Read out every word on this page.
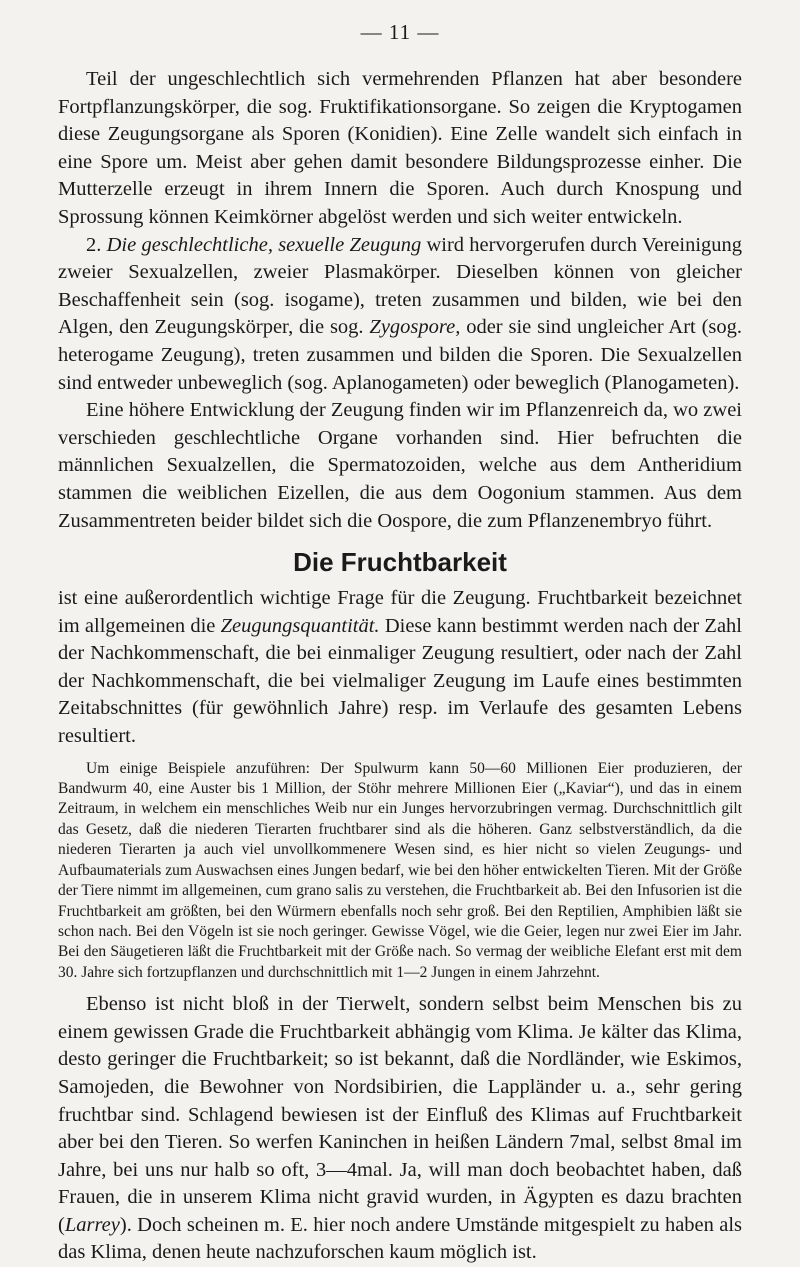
— 11 —

Teil der ungeschlechtlich sich vermehrenden Pflanzen hat aber besondere Fortpflanzungskörper, die sog. Fruktifikationsorgane. So zeigen die Kryptogamen diese Zeugungsorgane als Sporen (Konidien). Eine Zelle wandelt sich einfach in eine Spore um. Meist aber gehen damit besondere Bildungsprozesse einher. Die Mutterzelle erzeugt in ihrem Innern die Sporen. Auch durch Knospung und Sprossung können Keimkörner abgelöst werden und sich weiter entwickeln.

2. Die geschlechtliche, sexuelle Zeugung wird hervorgerufen durch Vereinigung zweier Sexualzellen, zweier Plasmakörper. Dieselben können von gleicher Beschaffenheit sein (sog. isogame), treten zusammen und bilden, wie bei den Algen, den Zeugungskörper, die sog. Zygospore, oder sie sind ungleicher Art (sog. heterogame Zeugung), treten zusammen und bilden die Sporen. Die Sexualzellen sind entweder unbeweglich (sog. Aplanogameten) oder beweglich (Planogameten).

Eine höhere Entwicklung der Zeugung finden wir im Pflanzenreich da, wo zwei verschieden geschlechtliche Organe vorhanden sind. Hier befruchten die männlichen Sexualzellen, die Spermatozoiden, welche aus dem Antheridium stammen die weiblichen Eizellen, die aus dem Oogonium stammen. Aus dem Zusammentreten beider bildet sich die Oospore, die zum Pflanzenembryo führt.

Die Fruchtbarkeit

ist eine außerordentlich wichtige Frage für die Zeugung. Fruchtbarkeit bezeichnet im allgemeinen die Zeugungsquantität. Diese kann bestimmt werden nach der Zahl der Nachkommenschaft, die bei einmaliger Zeugung resultiert, oder nach der Zahl der Nachkommenschaft, die bei vielmaliger Zeugung im Laufe eines bestimmten Zeitabschnittes (für gewöhnlich Jahre) resp. im Verlaufe des gesamten Lebens resultiert.

Um einige Beispiele anzuführen: Der Spulwurm kann 50—60 Millionen Eier produzieren, der Bandwurm 40, eine Auster bis 1 Million, der Stöhr mehrere Millionen Eier („Kaviar“), und das in einem Zeitraum, in welchem ein menschliches Weib nur ein Junges hervorzubringen vermag. Durchschnittlich gilt das Gesetz, daß die niederen Tierarten fruchtbarer sind als die höheren. Ganz selbstverständlich, da die niederen Tierarten ja auch viel unvollkommenere Wesen sind, es hier nicht so vielen Zeugungs- und Aufbaumaterials zum Auswachsen eines Jungen bedarf, wie bei den höher entwickelten Tieren. Mit der Größe der Tiere nimmt im allgemeinen, cum grano salis zu verstehen, die Fruchtbarkeit ab. Bei den Infusorien ist die Fruchtbarkeit am größten, bei den Würmern ebenfalls noch sehr groß. Bei den Reptilien, Amphibien läßt sie schon nach. Bei den Vögeln ist sie noch geringer. Gewisse Vögel, wie die Geier, legen nur zwei Eier im Jahr. Bei den Säugetieren läßt die Fruchtbarkeit mit der Größe nach. So vermag der weibliche Elefant erst mit dem 30. Jahre sich fortzupflanzen und durchschnittlich mit 1—2 Jungen in einem Jahrzehnt.

Ebenso ist nicht bloß in der Tierwelt, sondern selbst beim Menschen bis zu einem gewissen Grade die Fruchtbarkeit abhängig vom Klima. Je kälter das Klima, desto geringer die Fruchtbarkeit; so ist bekannt, daß die Nordländer, wie Eskimos, Samojeden, die Bewohner von Nordsibirien, die Lappländer u. a., sehr gering fruchtbar sind. Schlagend bewiesen ist der Einfluß des Klimas auf Fruchtbarkeit aber bei den Tieren. So werfen Kaninchen in heißen Ländern 7mal, selbst 8mal im Jahre, bei uns nur halb so oft, 3—4mal. Ja, will man doch beobachtet haben, daß Frauen, die in unserem Klima nicht gravid wurden, in Ägypten es dazu brachten (Larrey). Doch scheinen m. E. hier noch andere Umstände mitgespielt zu haben als das Klima, denen heute nachzuforschen kaum möglich ist.
